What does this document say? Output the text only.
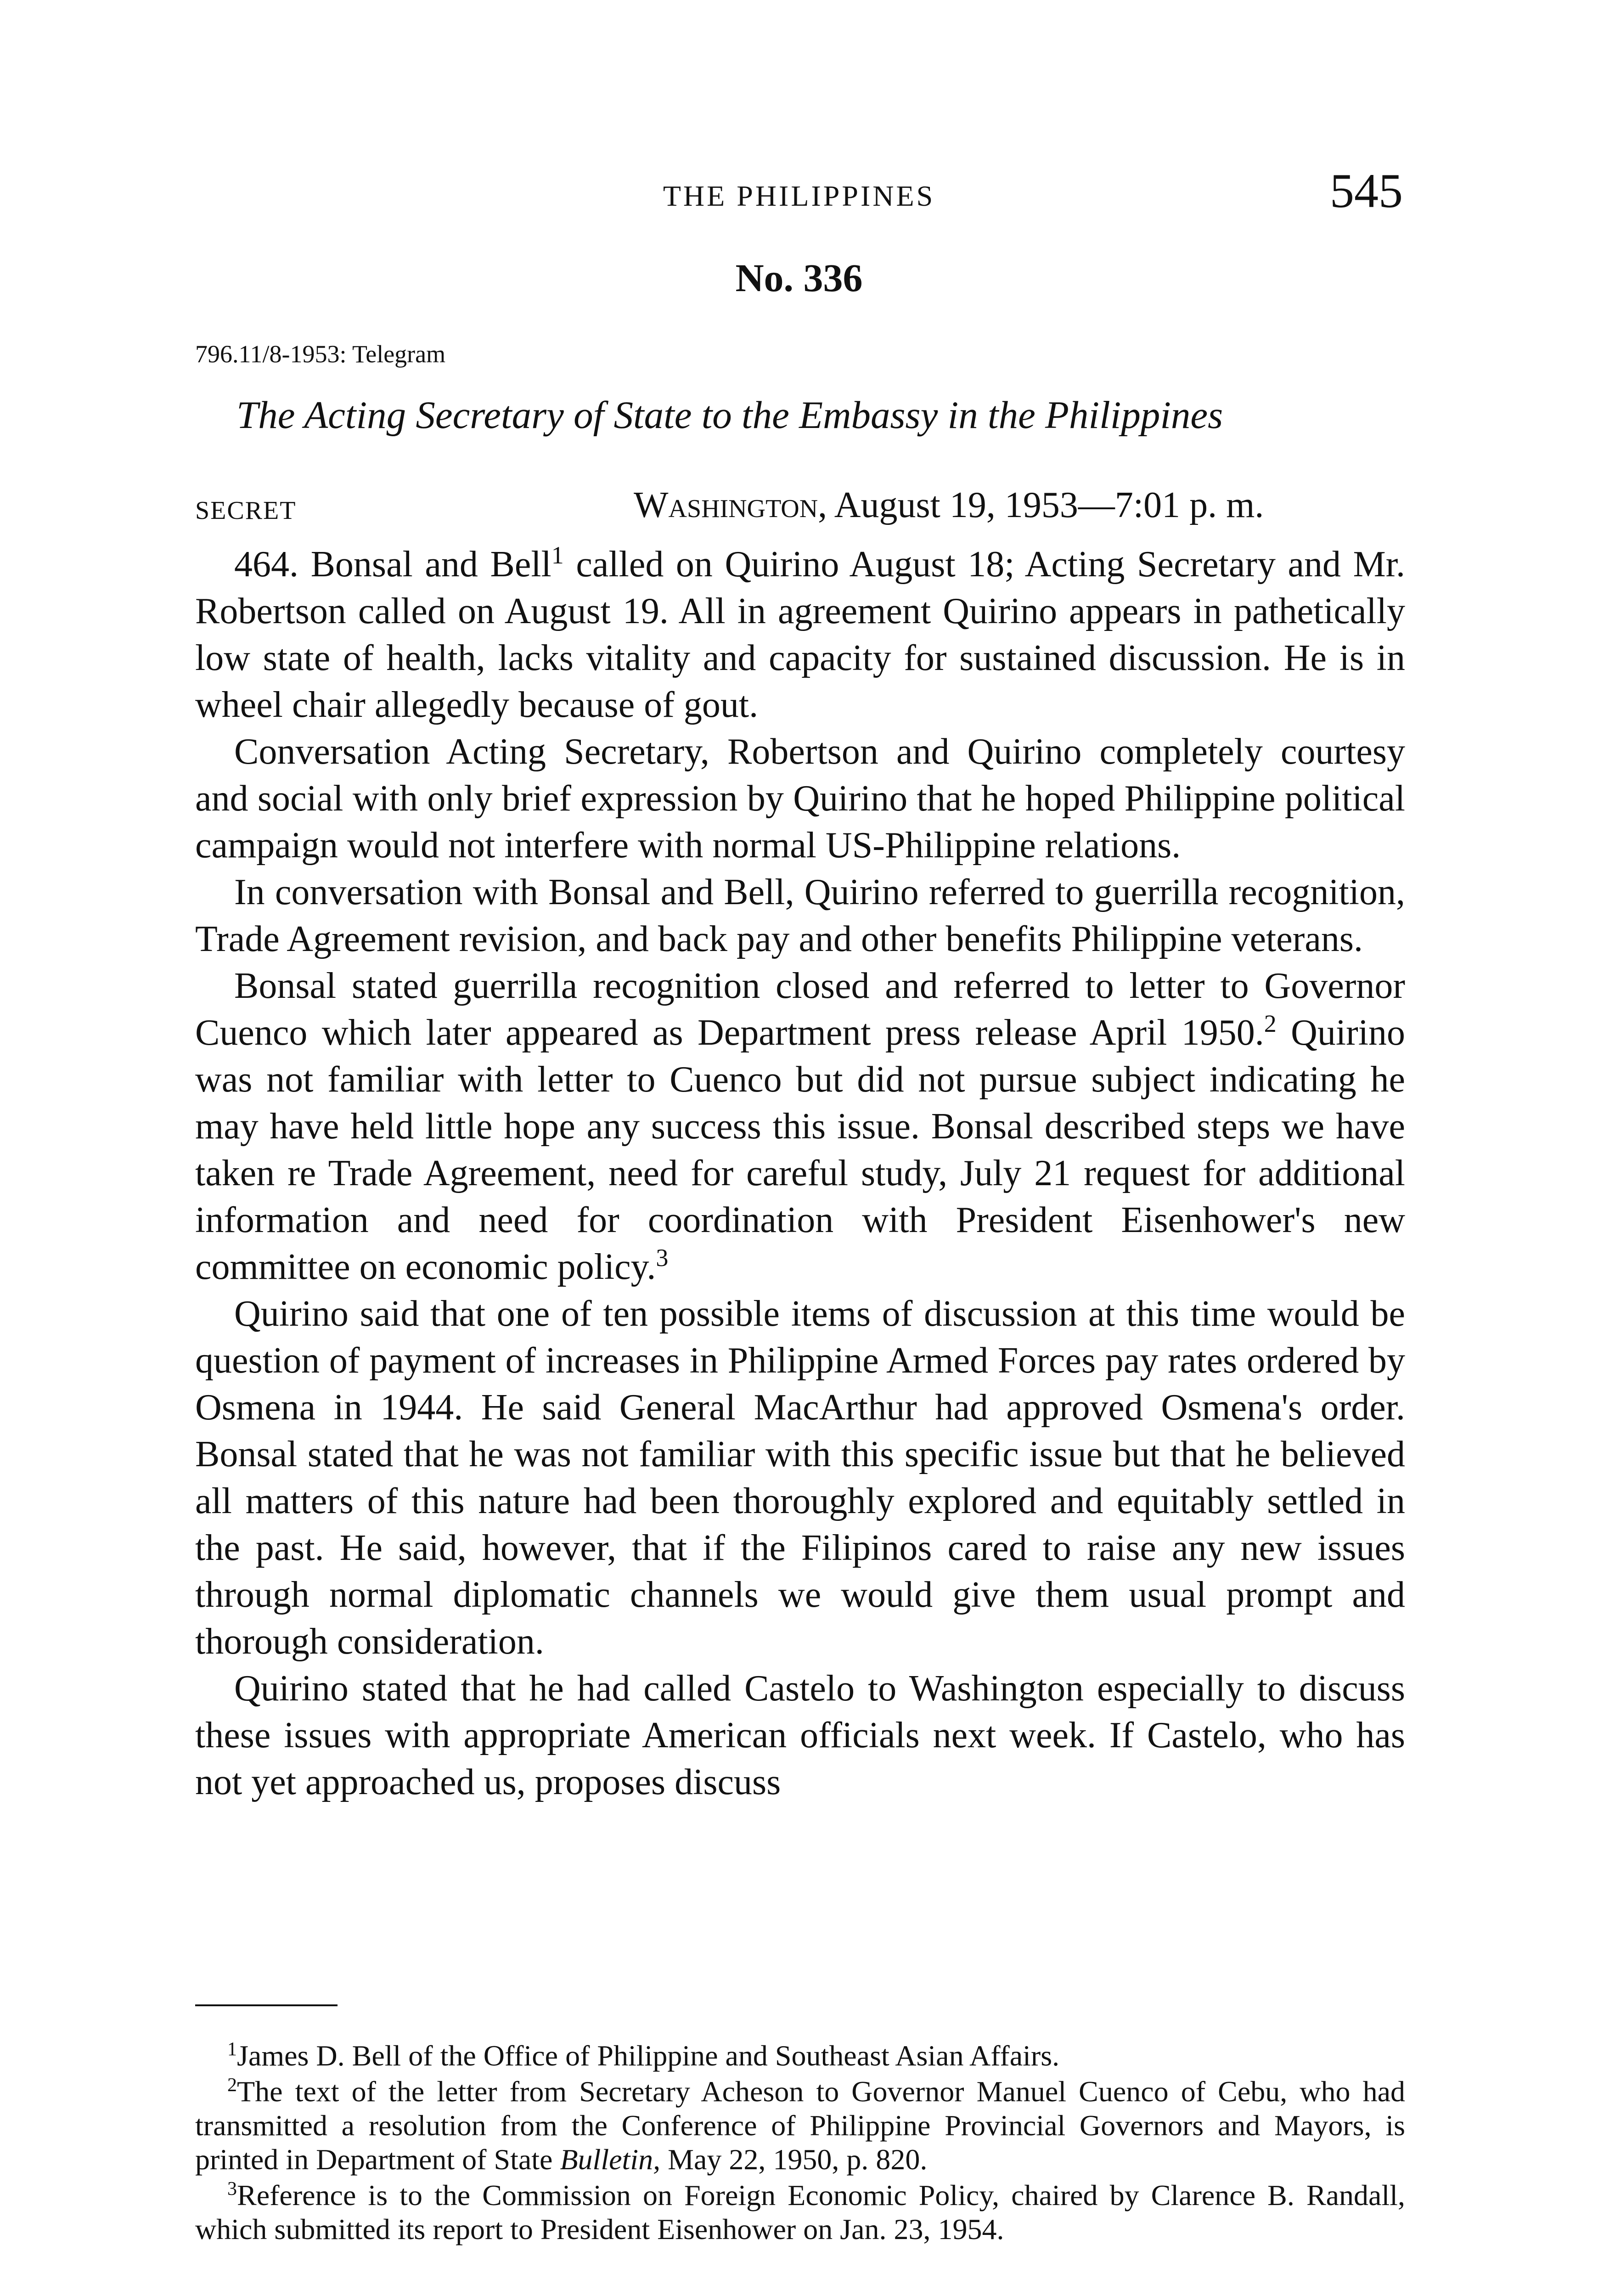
THE PHILIPPINES	545
No. 336
796.11/8-1953: Telegram
The Acting Secretary of State to the Embassy in the Philippines
SECRET	Washington, August 19, 1953—7:01 p. m.

464. Bonsal and Bell$^1$ called on Quirino August 18; Acting Secretary and Mr. Robertson called on August 19. All in agreement Quirino appears in pathetically low state of health, lacks vitality and capacity for sustained discussion. He is in wheel chair allegedly because of gout.

Conversation Acting Secretary, Robertson and Quirino completely courtesy and social with only brief expression by Quirino that he hoped Philippine political campaign would not interfere with normal US-Philippine relations.

In conversation with Bonsal and Bell, Quirino referred to guerrilla recognition, Trade Agreement revision, and back pay and other benefits Philippine veterans.

Bonsal stated guerrilla recognition closed and referred to letter to Governor Cuenco which later appeared as Department press release April 1950.$^2$ Quirino was not familiar with letter to Cuenco but did not pursue subject indicating he may have held little hope any success this issue. Bonsal described steps we have taken re Trade Agreement, need for careful study, July 21 request for additional information and need for coordination with President Eisenhower's new committee on economic policy.$^3$

Quirino said that one of ten possible items of discussion at this time would be question of payment of increases in Philippine Armed Forces pay rates ordered by Osmena in 1944. He said General MacArthur had approved Osmena's order. Bonsal stated that he was not familiar with this specific issue but that he believed all matters of this nature had been thoroughly explored and equitably settled in the past. He said, however, that if the Filipinos cared to raise any new issues through normal diplomatic channels we would give them usual prompt and thorough consideration.

Quirino stated that he had called Castelo to Washington especially to discuss these issues with appropriate American officials next week. If Castelo, who has not yet approached us, proposes discuss

$^1$James D. Bell of the Office of Philippine and Southeast Asian Affairs.

$^2$The text of the letter from Secretary Acheson to Governor Manuel Cuenco of Cebu, who had transmitted a resolution from the Conference of Philippine Provincial Governors and Mayors, is printed in Department of State Bulletin, May 22, 1950, p. 820.

$^3$Reference is to the Commission on Foreign Economic Policy, chaired by Clarence B. Randall, which submitted its report to President Eisenhower on Jan. 23, 1954.
